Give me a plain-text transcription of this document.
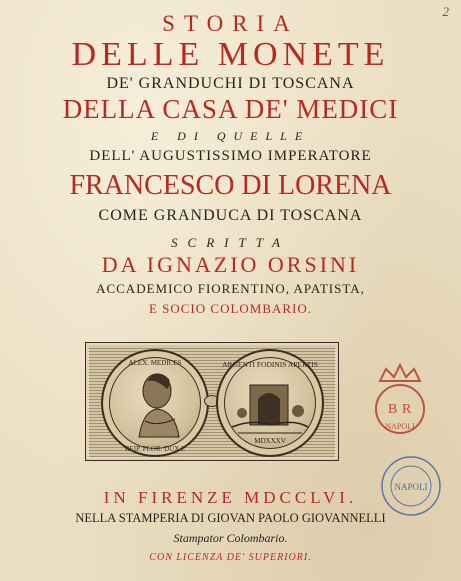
2
STORIA
DELLE MONETE
DE' GRANDUCHI DI TOSCANA
DELLA CASA DE' MEDICI
E DI QUELLE
DELL' AUGUSTISSIMO IMPERATORE
FRANCESCO DI LORENA
COME GRANDUCA DI TOSCANA
SCRITTA
DA IGNAZIO ORSINI
ACCADEMICO FIORENTINO, APATISTA,
E SOCIO COLOMBARIO.
ALEX. MEDICES
REIP. FLOR. DUX I.
ARGENTI FODINIS APERTIS
MDXXXV
B R
NAPOLI
NAPOLI
IN FIRENZE MDCCLVI.
NELLA STAMPERIA DI GIOVAN PAOLO GIOVANNELLI
Stampator Colombario.
CON LICENZA DE' SUPERIORI.
